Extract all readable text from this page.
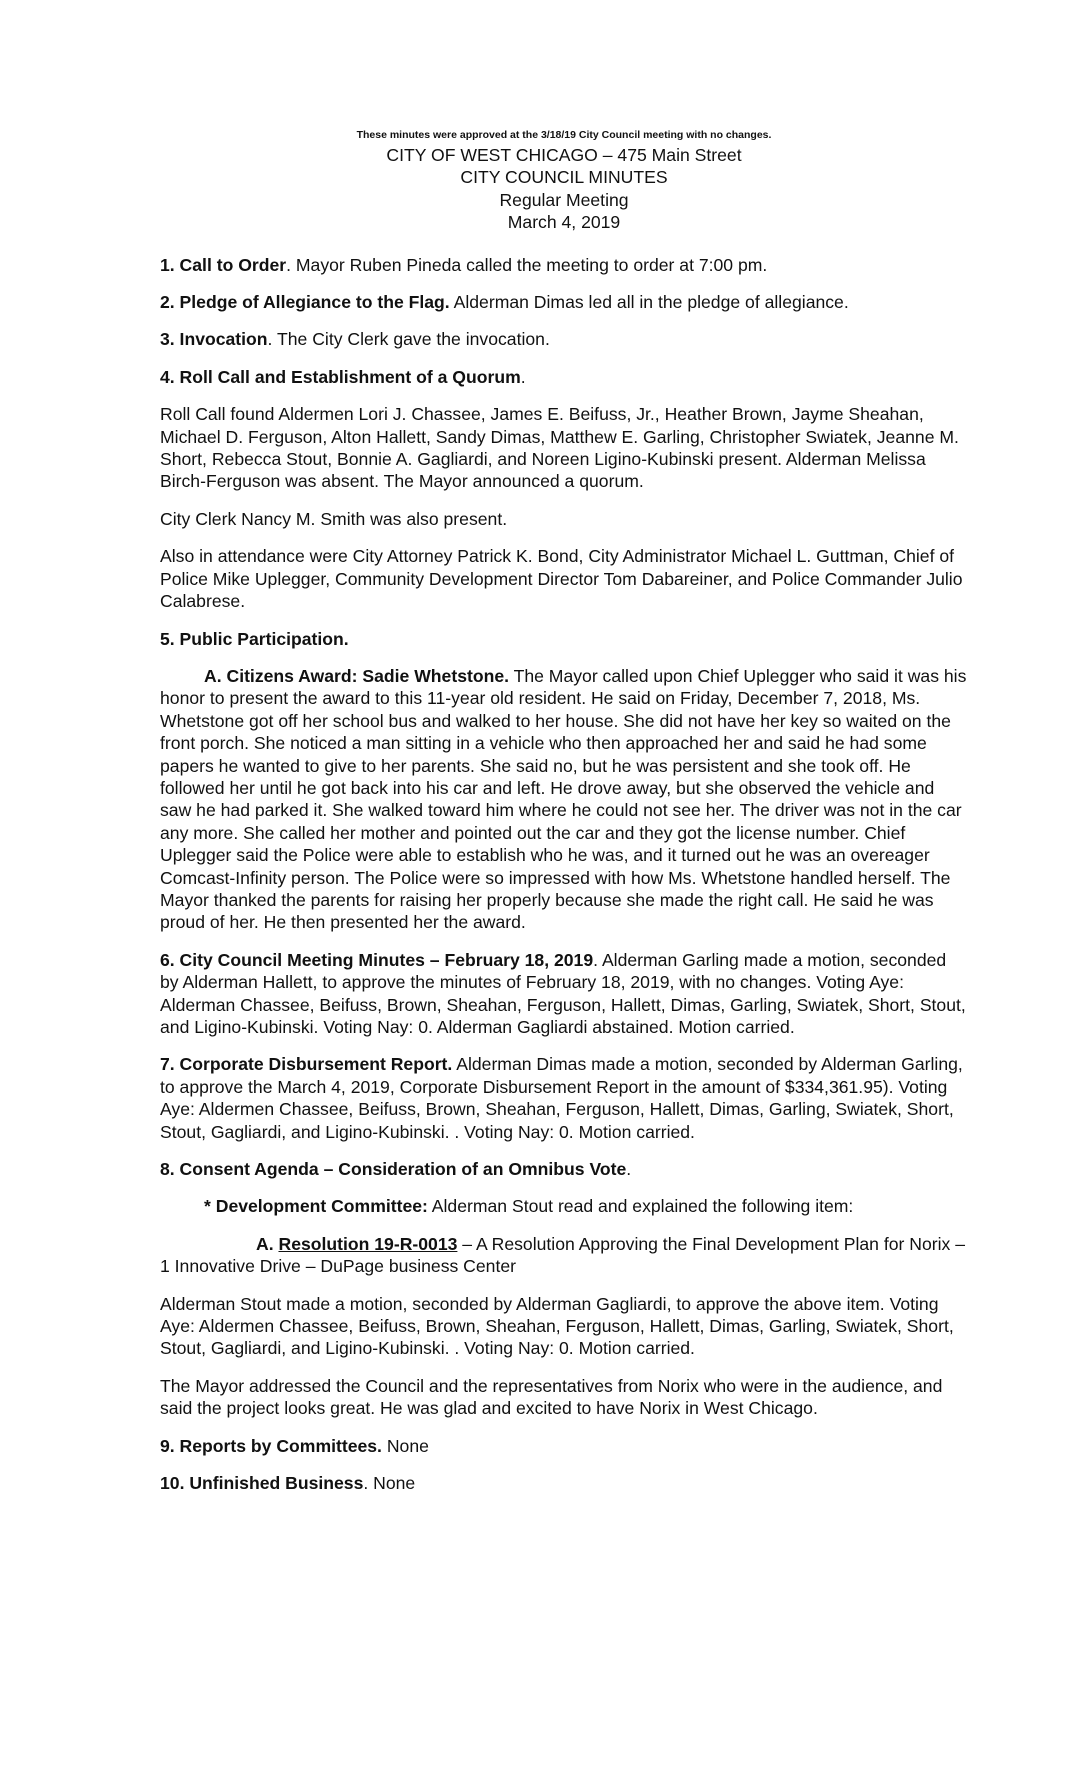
These minutes were approved at the 3/18/19 City Council meeting with no changes.
CITY OF WEST CHICAGO – 475 Main Street
CITY COUNCIL MINUTES
Regular Meeting
March 4, 2019

1. Call to Order. Mayor Ruben Pineda called the meeting to order at 7:00 pm.

2. Pledge of Allegiance to the Flag. Alderman Dimas led all in the pledge of allegiance.

3. Invocation. The City Clerk gave the invocation.

4. Roll Call and Establishment of a Quorum.

Roll Call found Aldermen Lori J. Chassee, James E. Beifuss, Jr., Heather Brown, Jayme Sheahan, Michael D. Ferguson, Alton Hallett, Sandy Dimas, Matthew E. Garling, Christopher Swiatek, Jeanne M. Short, Rebecca Stout, Bonnie A. Gagliardi, and Noreen Ligino-Kubinski present. Alderman Melissa Birch-Ferguson was absent. The Mayor announced a quorum.

City Clerk Nancy M. Smith was also present.

Also in attendance were City Attorney Patrick K. Bond, City Administrator Michael L. Guttman, Chief of Police Mike Uplegger, Community Development Director Tom Dabareiner, and Police Commander Julio Calabrese.

5. Public Participation.

A. Citizens Award: Sadie Whetstone. The Mayor called upon Chief Uplegger who said it was his honor to present the award to this 11-year old resident. He said on Friday, December 7, 2018, Ms. Whetstone got off her school bus and walked to her house. She did not have her key so waited on the front porch. She noticed a man sitting in a vehicle who then approached her and said he had some papers he wanted to give to her parents. She said no, but he was persistent and she took off. He followed her until he got back into his car and left. He drove away, but she observed the vehicle and saw he had parked it. She walked toward him where he could not see her. The driver was not in the car any more. She called her mother and pointed out the car and they got the license number. Chief Uplegger said the Police were able to establish who he was, and it turned out he was an overeager Comcast-Infinity person. The Police were so impressed with how Ms. Whetstone handled herself. The Mayor thanked the parents for raising her properly because she made the right call. He said he was proud of her. He then presented her the award.

6. City Council Meeting Minutes – February 18, 2019. Alderman Garling made a motion, seconded by Alderman Hallett, to approve the minutes of February 18, 2019, with no changes. Voting Aye: Alderman Chassee, Beifuss, Brown, Sheahan, Ferguson, Hallett, Dimas, Garling, Swiatek, Short, Stout, and Ligino-Kubinski. Voting Nay: 0. Alderman Gagliardi abstained. Motion carried.

7. Corporate Disbursement Report. Alderman Dimas made a motion, seconded by Alderman Garling, to approve the March 4, 2019, Corporate Disbursement Report in the amount of $334,361.95). Voting Aye: Aldermen Chassee, Beifuss, Brown, Sheahan, Ferguson, Hallett, Dimas, Garling, Swiatek, Short, Stout, Gagliardi, and Ligino-Kubinski. . Voting Nay: 0. Motion carried.

8. Consent Agenda – Consideration of an Omnibus Vote.

* Development Committee: Alderman Stout read and explained the following item:

A. Resolution 19-R-0013 – A Resolution Approving the Final Development Plan for Norix – 1 Innovative Drive – DuPage business Center

Alderman Stout made a motion, seconded by Alderman Gagliardi, to approve the above item. Voting Aye: Aldermen Chassee, Beifuss, Brown, Sheahan, Ferguson, Hallett, Dimas, Garling, Swiatek, Short, Stout, Gagliardi, and Ligino-Kubinski. . Voting Nay: 0. Motion carried.

The Mayor addressed the Council and the representatives from Norix who were in the audience, and said the project looks great. He was glad and excited to have Norix in West Chicago.

9. Reports by Committees. None

10. Unfinished Business. None
